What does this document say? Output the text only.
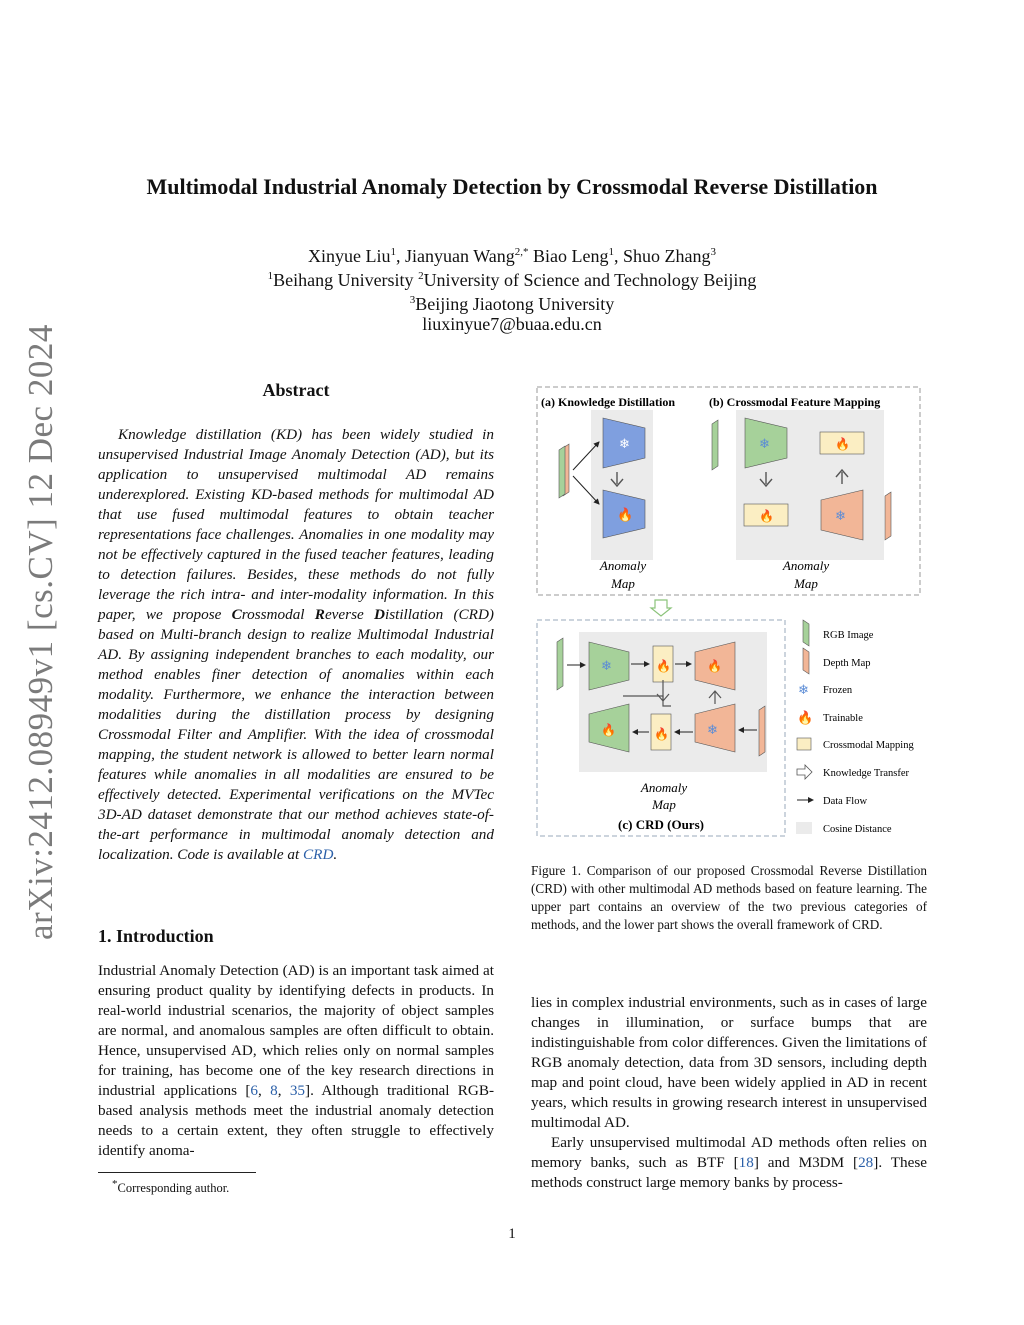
arXiv:2412.08949v1 [cs.CV] 12 Dec 2024
Multimodal Industrial Anomaly Detection by Crossmodal Reverse Distillation
Xinyue Liu$^1$, Jianyuan Wang$^{2,*}$ Biao Leng$^1$, Shuo Zhang$^3$
$^1$Beihang University $^2$University of Science and Technology Beijing
$^3$Beijing Jiaotong University
liuxinyue7@buaa.edu.cn
Abstract
Knowledge distillation (KD) has been widely studied in unsupervised Industrial Image Anomaly Detection (AD), but its application to unsupervised multimodal AD remains underexplored. Existing KD-based methods for multimodal AD that use fused multimodal features to obtain teacher representations face challenges. Anomalies in one modality may not be effectively captured in the fused teacher features, leading to detection failures. Besides, these methods do not fully leverage the rich intra- and inter-modality information. In this paper, we propose Crossmodal Reverse Distillation (CRD) based on Multi-branch design to realize Multimodal Industrial AD. By assigning independent branches to each modality, our method enables finer detection of anomalies within each modality. Furthermore, we enhance the interaction between modalities during the distillation process by designing Crossmodal Filter and Amplifier. With the idea of crossmodal mapping, the student network is allowed to better learn normal features while anomalies in all modalities are ensured to be effectively detected. Experimental verifications on the MVTec 3D-AD dataset demonstrate that our method achieves state-of-the-art performance in multimodal anomaly detection and localization. Code is available at CRD.
1. Introduction
Industrial Anomaly Detection (AD) is an important task aimed at ensuring product quality by identifying defects in products. In real-world industrial scenarios, the majority of object samples are normal, and anomalous samples are often difficult to obtain. Hence, unsupervised AD, which relies only on normal samples for training, has become one of the key research directions in industrial applications [6, 8, 35]. Although traditional RGB-based analysis methods meet the industrial anomaly detection needs to a certain extent, they often struggle to effectively identify anoma-
*Corresponding author.
lies in complex industrial environments, such as in cases of large changes in illumination, or surface bumps that are indistinguishable from color differences. Given the limitations of RGB anomaly detection, data from 3D sensors, including depth map and point cloud, have been widely applied in AD in recent years, which results in growing research interest in unsupervised multimodal AD.
Early unsupervised multimodal AD methods often relies on memory banks, such as BTF [18] and M3DM [28]. These methods construct large memory banks by process-
(a) Knowledge Distillation	(b) Crossmodal Feature Mapping
❄
🔥
Anomaly
Map
❄	🔥
🔥	❄
Anomaly
Map
❄	🔥	🔥
🔥	🔥	❄
Anomaly
Map
(c) CRD (Ours)
RGB Image
Depth Map
❄ Frozen
🔥 Trainable
Crossmodal Mapping
Knowledge Transfer
Data Flow
Cosine Distance
Figure 1. Comparison of our proposed Crossmodal Reverse Distillation (CRD) with other multimodal AD methods based on feature learning. The upper part contains an overview of the two previous categories of methods, and the lower part shows the overall framework of CRD.
1
